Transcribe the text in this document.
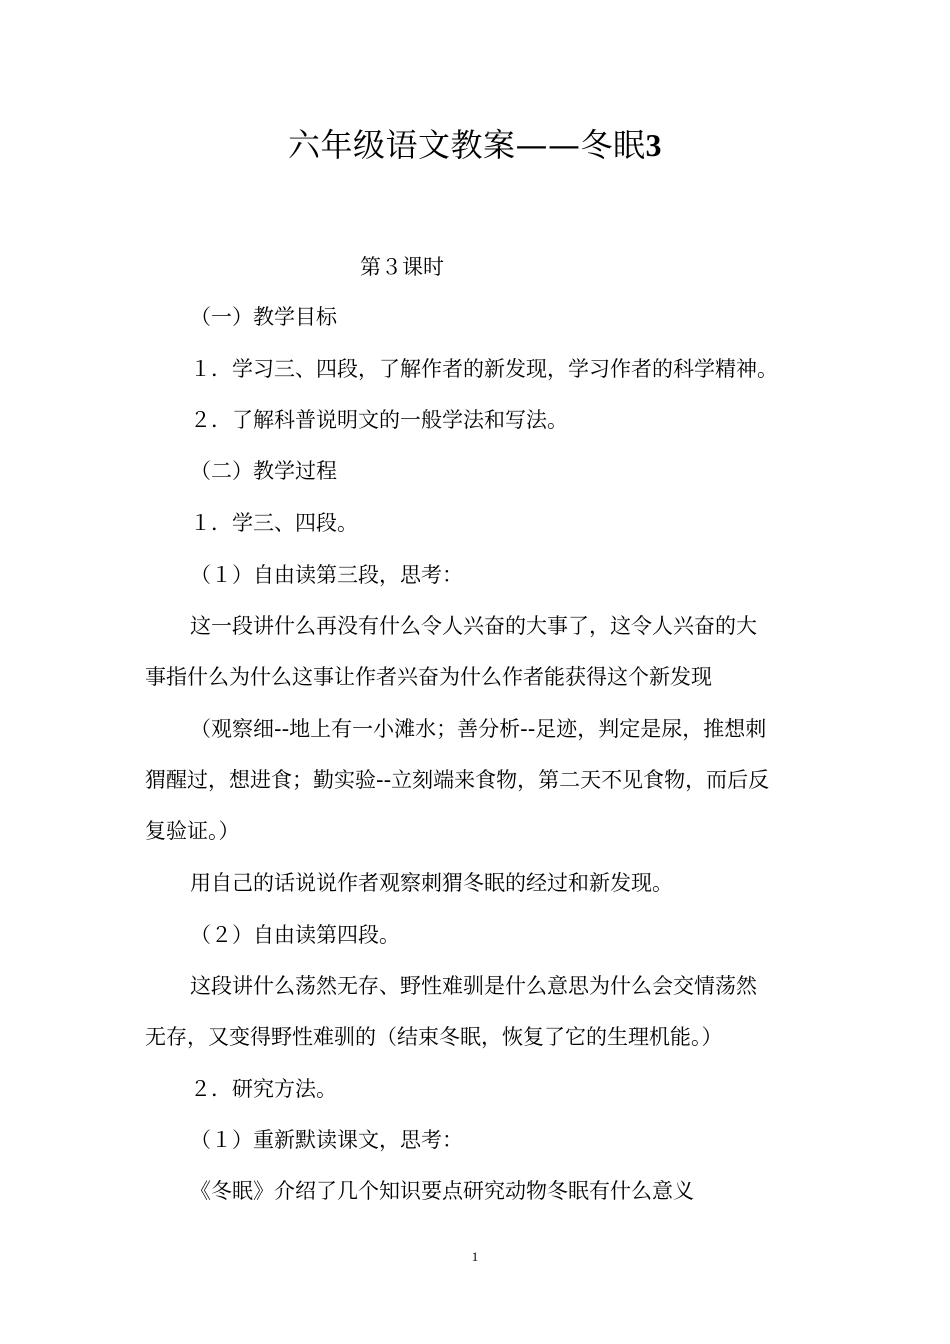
六年级语文教案——冬眠3
第３课时
（一）教学目标
１．学习三、四段，了解作者的新发现，学习作者的科学精神。
２．了解科普说明文的一般学法和写法。
（二）教学过程
１．学三、四段。
（１）自由读第三段，思考：
这一段讲什么再没有什么令人兴奋的大事了，这令人兴奋的大
事指什么为什么这事让作者兴奋为什么作者能获得这个新发现
（观察细--地上有一小滩水；善分析--足迹，判定是尿，推想刺
猬醒过，想进食；勤实验--立刻端来食物，第二天不见食物，而后反
复验证。）
用自己的话说说作者观察刺猬冬眠的经过和新发现。
（２）自由读第四段。
这段讲什么荡然无存、野性难驯是什么意思为什么会交情荡然
无存，又变得野性难驯的（结束冬眠，恢复了它的生理机能。）
２．研究方法。
（１）重新默读课文，思考：
《冬眠》介绍了几个知识要点研究动物冬眠有什么意义
1
